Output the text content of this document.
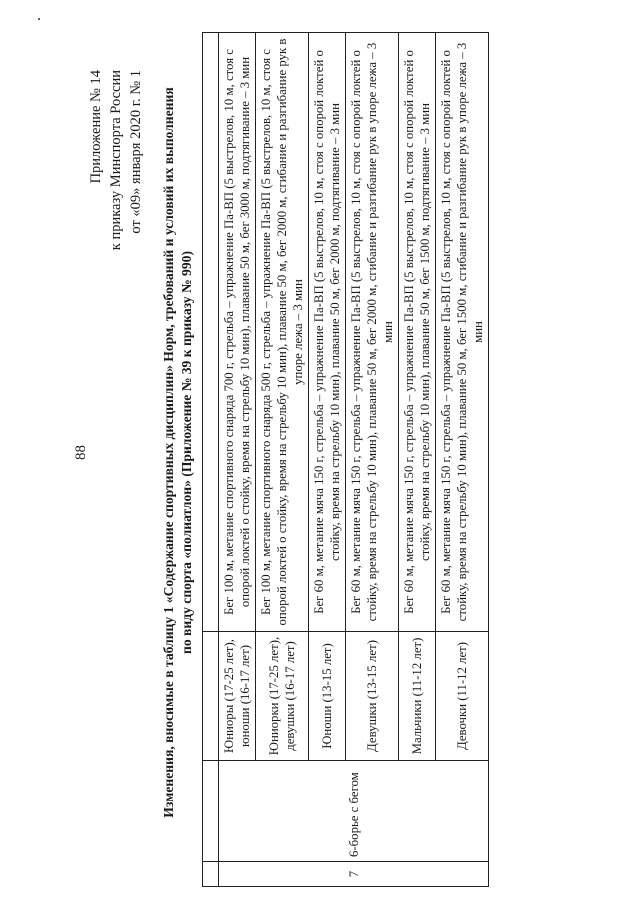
88
Приложение № 14 к приказу Минспорта России от «09» января 2020 г. № 1 Изменения, вносимые в таблицу 1 «Содержание спортивных дисциплин» Норм, требований и условий их выполнения по виду спорта «полиатлон» (Приложение № 39 к приказу № 990)

7	6-борье с бегом	Юниоры (17-25 лет), юноши (16-17 лет)	Бег 100 м, метание спортивного снаряда 700 г, стрельба – упражнение Па-ВП (5 выстрелов, 10 м, стоя с опорой локтей о стойку, время на стрельбу 10 мин), плавание 50 м, бег 3000 м, подтягивание – 3 мин
		Юниорки (17-25 лет), девушки (16-17 лет)	Бег 100 м, метание спортивного снаряда 500 г, стрельба – упражнение Па-ВП (5 выстрелов, 10 м, стоя с опорой локтей о стойку, время на стрельбу 10 мин), плавание 50 м, бег 2000 м, сгибание и разгибание рук в упоре лежа – 3 мин
		Юноши (13-15 лет)	Бег 60 м, метание мяча 150 г, стрельба – упражнение Па-ВП (5 выстрелов, 10 м, стоя с опорой локтей о стойку, время на стрельбу 10 мин), плавание 50 м, бег 2000 м, подтягивание – 3 мин
		Девушки (13-15 лет)	Бег 60 м, метание мяча 150 г, стрельба – упражнение Па-ВП (5 выстрелов, 10 м, стоя с опорой локтей о стойку, время на стрельбу 10 мин), плавание 50 м, бег 2000 м, сгибание и разгибание рук в упоре лежа – 3 мин
		Мальчики (11-12 лет)	Бег 60 м, метание мяча 150 г, стрельба – упражнение Па-ВП (5 выстрелов, 10 м, стоя с опорой локтей о стойку, время на стрельбу 10 мин), плавание 50 м, бег 1500 м, подтягивание – 3 мин
		Девочки (11-12 лет)	Бег 60 м, метание мяча 150 г, стрельба – упражнение Па-ВП (5 выстрелов, 10 м, стоя с опорой локтей о стойку, время на стрельбу 10 мин), плавание 50 м, бег 1500 м, сгибание и разгибание рук в упоре лежа – 3 мин
